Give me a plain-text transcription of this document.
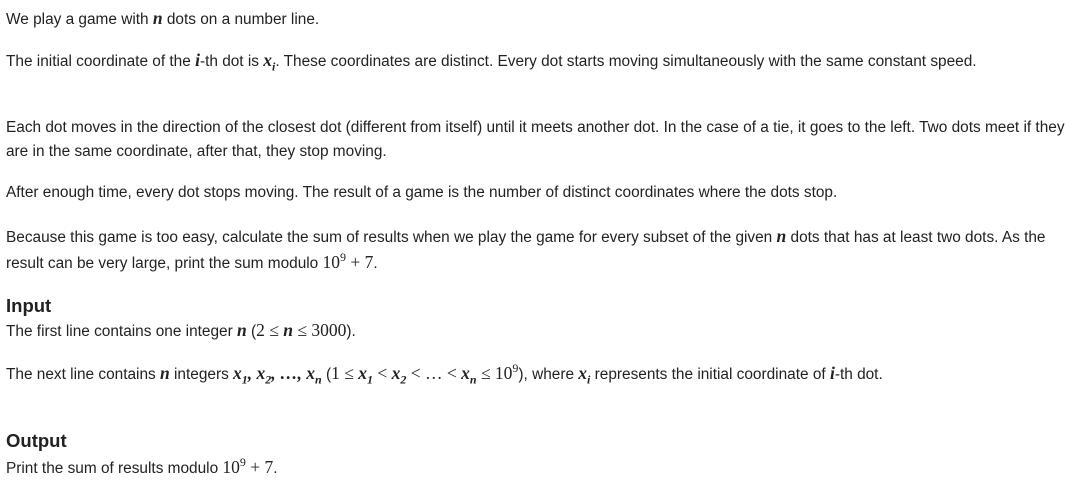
We play a game with n dots on a number line.

The initial coordinate of the i-th dot is $x_i$. These coordinates are distinct. Every dot starts moving simultaneously with the same constant speed.

Each dot moves in the direction of the closest dot (different from itself) until it meets another dot. In the case of a tie, it goes to the left. Two dots meet if they are in the same coordinate, after that, they stop moving.

After enough time, every dot stops moving. The result of a game is the number of distinct coordinates where the dots stop.

Because this game is too easy, calculate the sum of results when we play the game for every subset of the given n dots that has at least two dots. As the result can be very large, print the sum modulo $10^9 + 7$.

Input

The first line contains one integer n (2 ≤ n ≤ 3000).

The next line contains n integers $x_1$, $x_2$, …, $x_n$ ($1 \le x_1 < x_2$ < … < $x_n \le 10^9$), where $x_i$ represents the initial coordinate of i-th dot.

Output

Print the sum of results modulo $10^9 + 7$.
